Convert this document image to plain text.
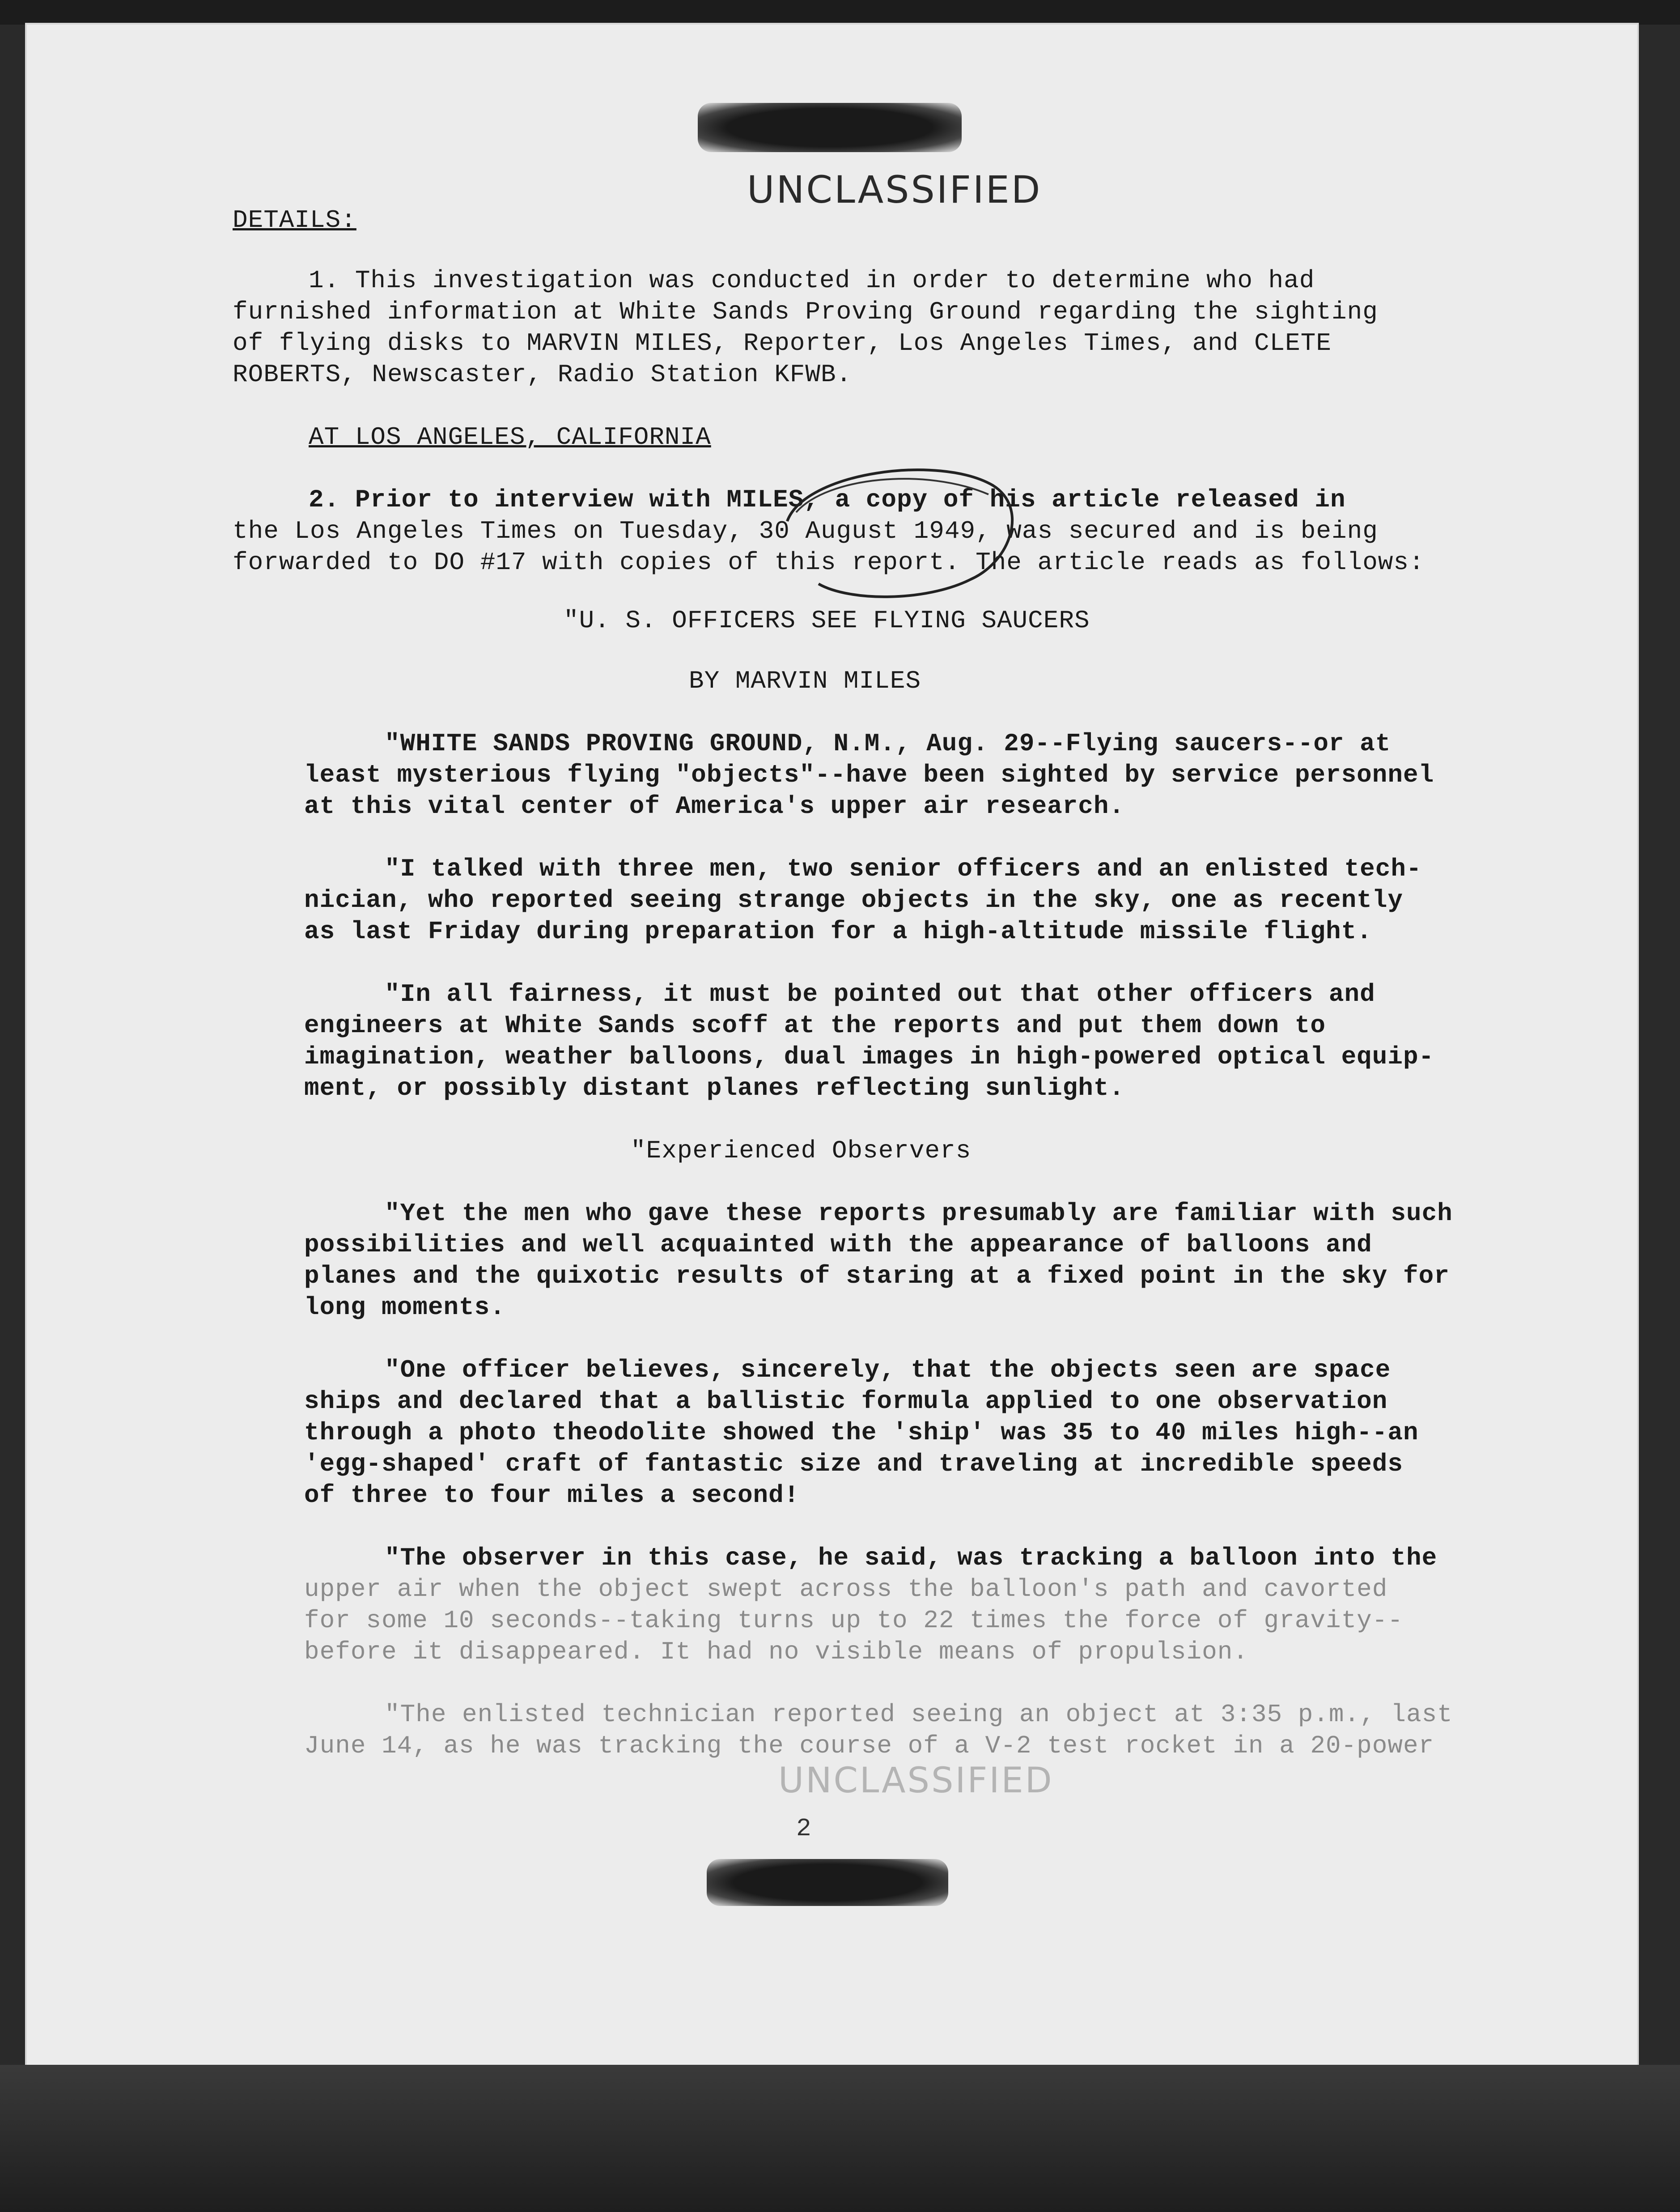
UNCLASSIFIED
DETAILS:
1. This investigation was conducted in order to determine who had
furnished information at White Sands Proving Ground regarding the sighting
of flying disks to MARVIN MILES, Reporter, Los Angeles Times, and CLETE
ROBERTS, Newscaster, Radio Station KFWB.
AT LOS ANGELES, CALIFORNIA
2. Prior to interview with MILES, a copy of his article released in
the Los Angeles Times on Tuesday, 30 August 1949, was secured and is being
forwarded to DO #17 with copies of this report. The article reads as follows:
"U. S. OFFICERS SEE FLYING SAUCERS
BY MARVIN MILES
"WHITE SANDS PROVING GROUND, N.M., Aug. 29--Flying saucers--or at
least mysterious flying "objects"--have been sighted by service personnel
at this vital center of America's upper air research.
"I talked with three men, two senior officers and an enlisted tech-
nician, who reported seeing strange objects in the sky, one as recently
as last Friday during preparation for a high-altitude missile flight.
"In all fairness, it must be pointed out that other officers and
engineers at White Sands scoff at the reports and put them down to
imagination, weather balloons, dual images in high-powered optical equip-
ment, or possibly distant planes reflecting sunlight.
"Experienced Observers
"Yet the men who gave these reports presumably are familiar with such
possibilities and well acquainted with the appearance of balloons and
planes and the quixotic results of staring at a fixed point in the sky for
long moments.
"One officer believes, sincerely, that the objects seen are space
ships and declared that a ballistic formula applied to one observation
through a photo theodolite showed the 'ship' was 35 to 40 miles high--an
'egg-shaped' craft of fantastic size and traveling at incredible speeds
of three to four miles a second!
"The observer in this case, he said, was tracking a balloon into the
upper air when the object swept across the balloon's path and cavorted
for some 10 seconds--taking turns up to 22 times the force of gravity--
before it disappeared. It had no visible means of propulsion.
"The enlisted technician reported seeing an object at 3:35 p.m., last
June 14, as he was tracking the course of a V-2 test rocket in a 20-power
UNCLASSIFIED
2
